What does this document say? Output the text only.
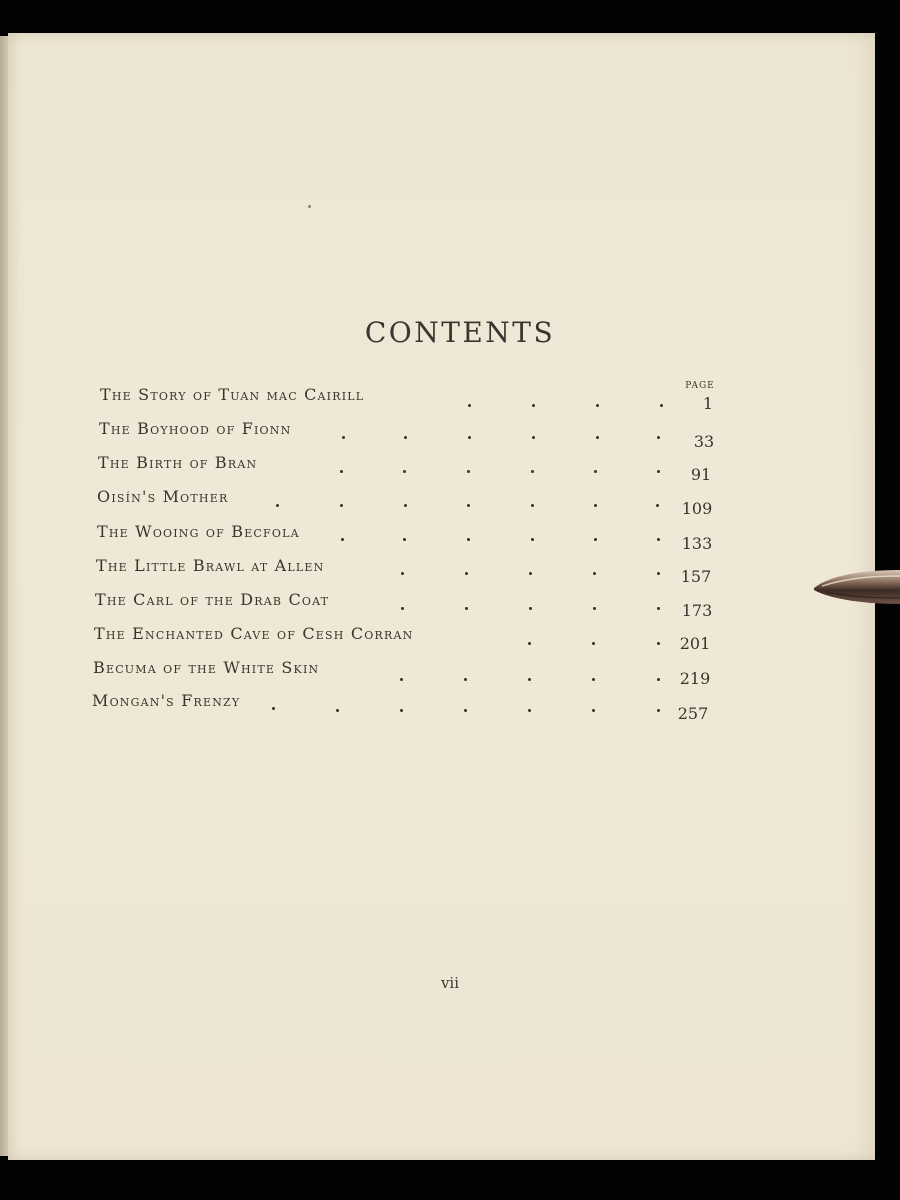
CONTENTS
PAGE
The Story of Tuan mac Cairill	1
The Boyhood of Fionn
33
The Birth of Bran
91
Oisín's Mother
109
The Wooing of Becfola
133
The Little Brawl at Allen
157
The Carl of the Drab Coat
173
The Enchanted Cave of Cesh Corran
201
Becuma of the White Skin
219
Mongan's Frenzy
257
vii
